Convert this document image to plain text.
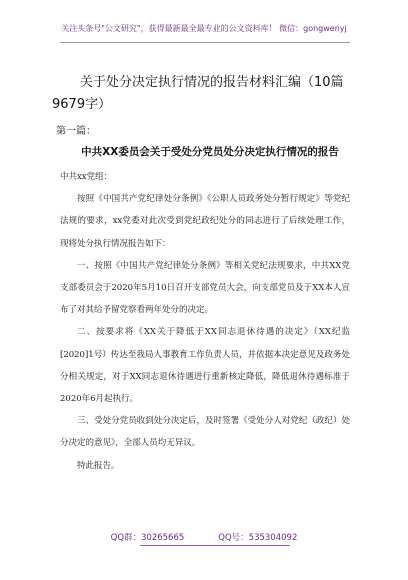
关注头条号"公文研究"，获得最新最全最专业的公文资料库！ 微信：gongwenyj
关于处分决定执行情况的报告材料汇编（10篇9679字）
第一篇：
中共XX委员会关于受处分党员处分决定执行情况的报告

中共xx党组：

按照《中国共产党纪律处分条例》《公职人员政务处分暂行规定》等党纪法规的要求，xx党委对此次受到党纪政纪处分的同志进行了后续处理工作，现将处分执行情况报告如下：

一、按照《中国共产党纪律处分条例》等相关党纪法规要求，中共XX党支部委员会于2020年5月10日召开支部党员大会，向支部党员及于XX本人宣布了对其给予留党察看两年处分的决定。

二、按要求将《XX关于降低于XX同志退休待遇的决定》（XX纪监[2020]1号）传达至我局人事教育工作负责人员，并依据本决定意见及政务处分相关规定，对于XX同志退休待遇进行重新核定降低，降低退休待遇标准于2020年6月起执行。

三、受处分党员收到处分决定后，及时签署《受处分人对党纪（政纪）处分决定的意见》，全部人员均无异议。

特此报告。

QQ群：30265665	QQ号：535304092
